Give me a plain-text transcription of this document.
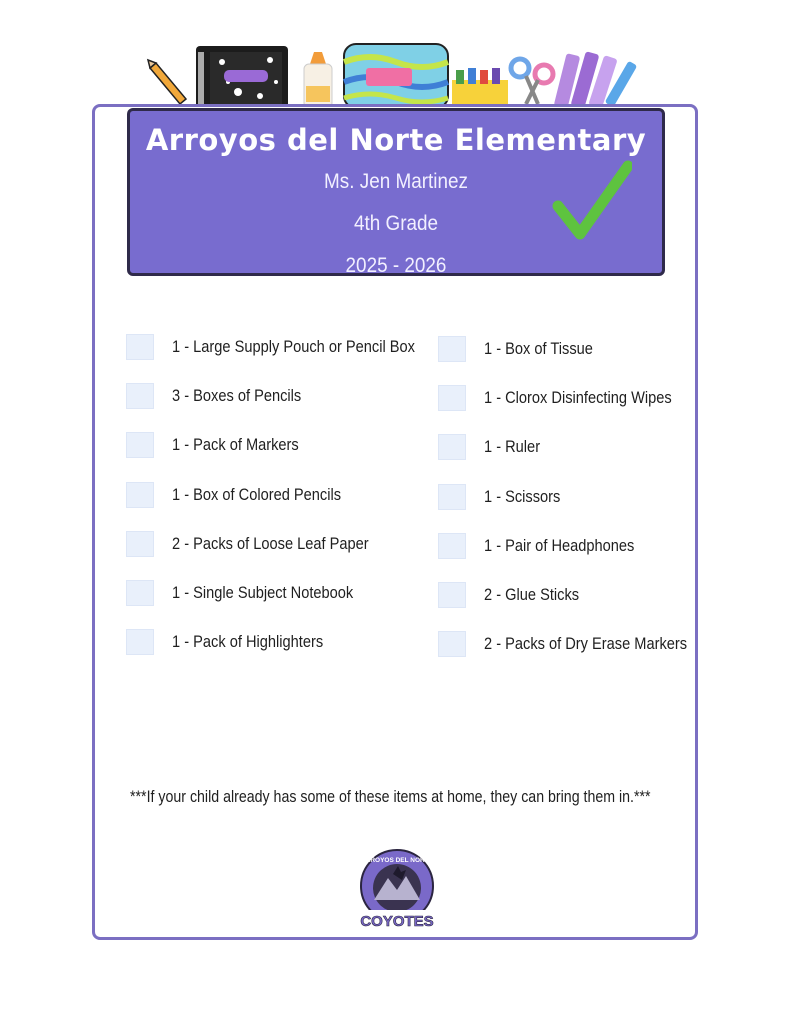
Arroyos del Norte Elementary
Ms. Jen Martinez
4th Grade
2025 - 2026
1 - Large Supply Pouch or Pencil Box
3 - Boxes of Pencils
1 - Pack of Markers
1 - Box of Colored Pencils
2 - Packs of Loose Leaf Paper
1 - Single Subject Notebook
1 - Pack of Highlighters
1 - Box of Tissue
1 - Clorox Disinfecting Wipes
1 - Ruler
1 - Scissors
1 - Pair of Headphones
2 - Glue Sticks
2 - Packs of Dry Erase Markers
***If your child already has some of these items at home, they can bring them in.***
ARROYOS DEL NORTE
COYOTES
